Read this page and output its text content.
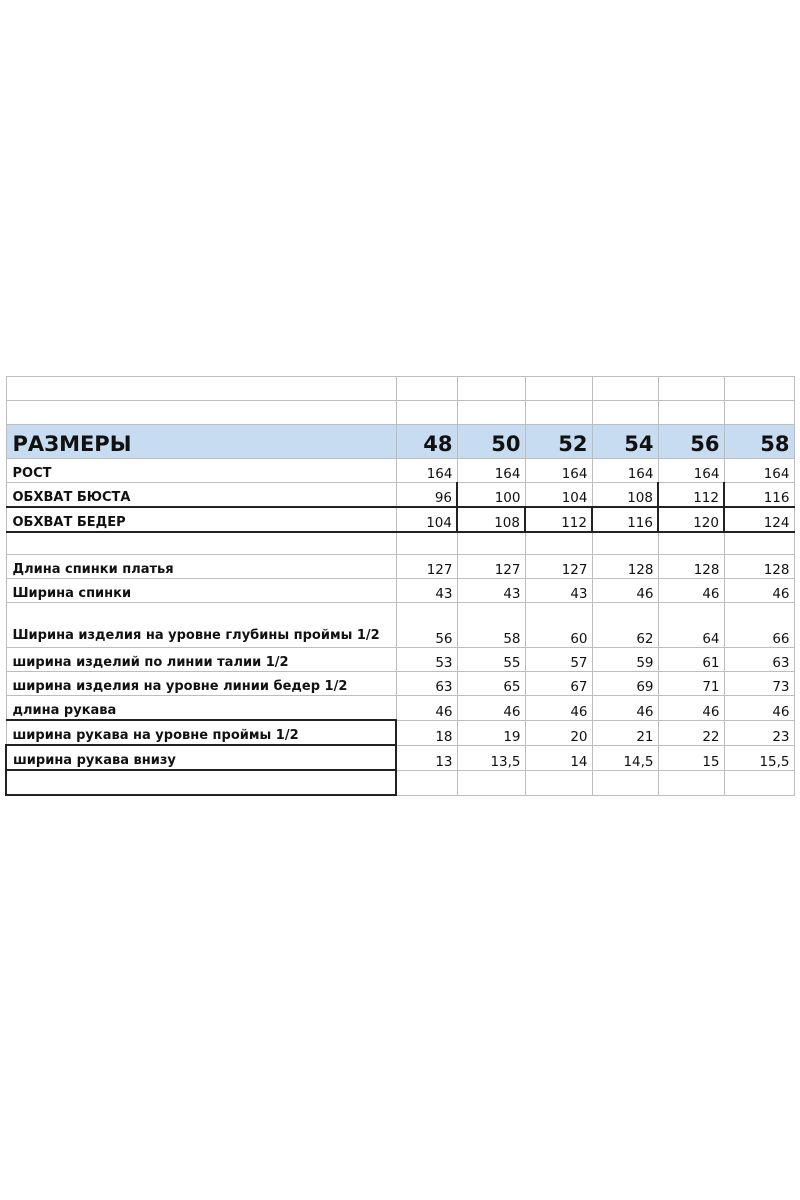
РАЗМЕРЫ	48	50	52	54	56	58
РОСТ	164	164	164	164	164	164
ОБХВАТ БЮСТА	96	100	104	108	112	116
ОБХВАТ БЕДЕР	104	108	112	116	120	124

Длина спинки платья	127	127	127	128	128	128
Ширина спинки	43	43	43	46	46	46
Ширина изделия на уровне глубины проймы 1/2	56	58	60	62	64	66
ширина изделий по линии талии 1/2	53	55	57	59	61	63
ширина изделия на уровне линии бедер 1/2	63	65	67	69	71	73
длина рукава	46	46	46	46	46	46
ширина рукава на уровне проймы 1/2	18	19	20	21	22	23
ширина рукава внизу	13	13,5	14	14,5	15	15,5
